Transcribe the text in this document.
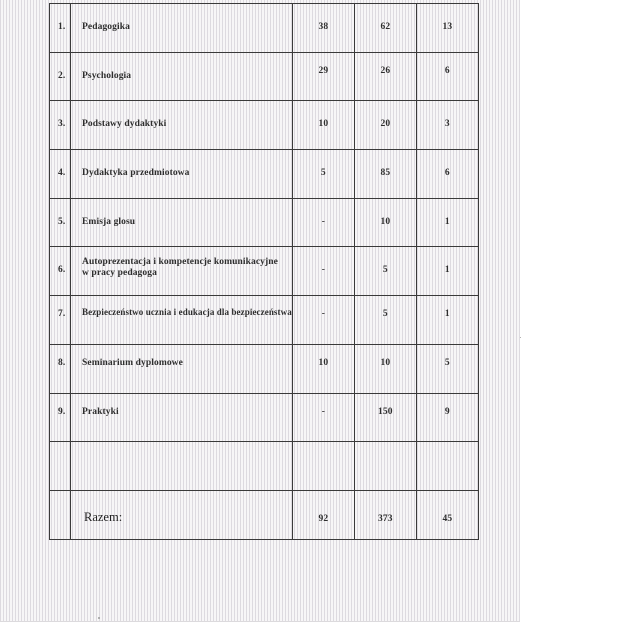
1.	Pedagogika	38	62	13

2.	Psychologia	29	26	6

3.	Podstawy dydaktyki	10	20	3

4.	Dydaktyka przedmiotowa	5	85	6

5.	Emisja glosu	-	10	1

6.	Autoprezentacja i kompetencje komunikacyjne
w pracy pedagoga	-	5	1

7.	Bezpieczeństwo ucznia i edukacja dla bezpieczeństwa	-	5	1

8.	Seminarium dyplomowe	10	10	5

9.	Praktyki	-	150	9

	Razem:	92	373	45
